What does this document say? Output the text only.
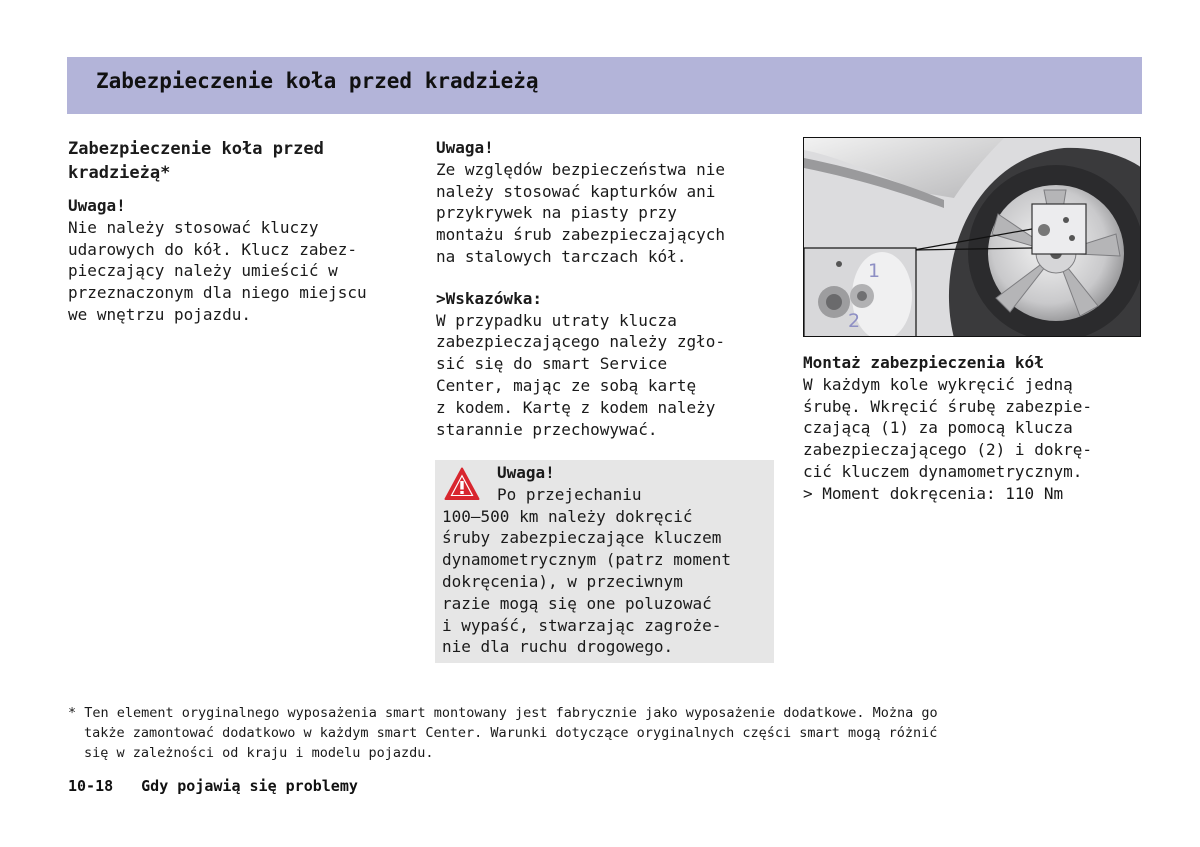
Zabezpieczenie koła przed kradzieżą
Zabezpieczenie koła przed
kradzieżą*
Uwaga!
Nie należy stosować kluczy
udarowych do kół. Klucz zabez-
pieczający należy umieścić w
przeznaczonym dla niego miejscu
we wnętrzu pojazdu.
Uwaga!
Ze względów bezpieczeństwa nie
należy stosować kapturków ani
przykrywek na piasty przy
montażu śrub zabezpieczających
na stalowych tarczach kół.
>Wskazówka:
W przypadku utraty klucza
zabezpieczającego należy zgło-
sić się do smart Service
Center, mając ze sobą kartę
z kodem. Kartę z kodem należy
starannie przechowywać.
Uwaga!
Po przejechaniu
100–500 km należy dokręcić
śruby zabezpieczające kluczem
dynamometrycznym (patrz moment
dokręcenia), w przeciwnym
razie mogą się one poluzować
i wypaść, stwarzając zagroże-
nie dla ruchu drogowego.
1
2
Montaż zabezpieczenia kół
W każdym kole wykręcić jedną
śrubę. Wkręcić śrubę zabezpie-
czającą (1) za pomocą klucza
zabezpieczającego (2) i dokrę-
cić kluczem dynamometrycznym.
> Moment dokręcenia: 110 Nm
* Ten element oryginalnego wyposażenia smart montowany jest fabrycznie jako wyposażenie dodatkowe. Można go
także zamontować dodatkowo w każdym smart Center. Warunki dotyczące oryginalnych części smart mogą różnić
się w zależności od kraju i modelu pojazdu.
10-18 Gdy pojawią się problemy
